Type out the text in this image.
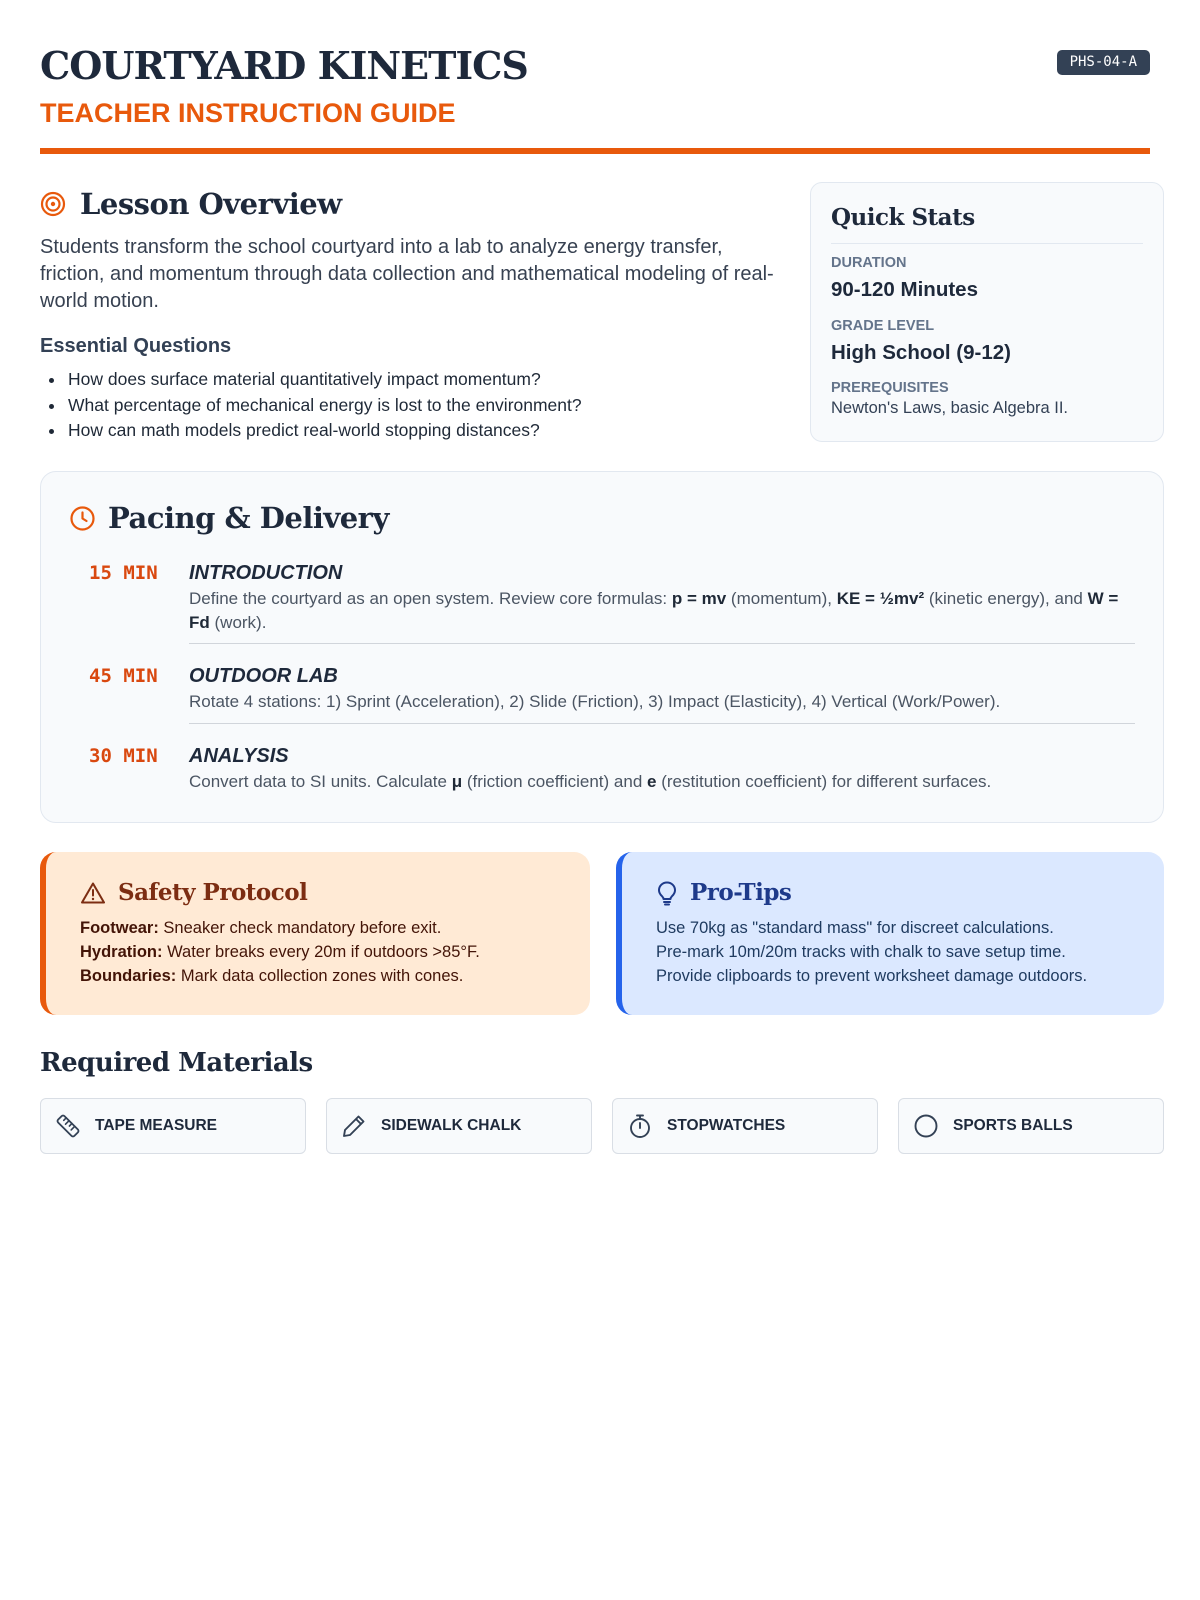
COURTYARD KINETICS
TEACHER INSTRUCTION GUIDE
PHS-04-A
Lesson Overview

Students transform the school courtyard into a lab to analyze energy transfer, friction, and momentum through data collection and mathematical modeling of real-world motion.

Essential Questions
• How does surface material quantitatively impact momentum?
• What percentage of mechanical energy is lost to the environment?
• How can math models predict real-world stopping distances?
Quick Stats
DURATION
90-120 Minutes
GRADE LEVEL
High School (9-12)
PREREQUISITES
Newton's Laws, basic Algebra II.
Pacing & Delivery
15 MIN	INTRODUCTION
Define the courtyard as an open system. Review core formulas: p = mv (momentum), KE = ½mv² (kinetic energy), and W = Fd (work).
45 MIN	OUTDOOR LAB
Rotate 4 stations: 1) Sprint (Acceleration), 2) Slide (Friction), 3) Impact (Elasticity), 4) Vertical (Work/Power).
30 MIN	ANALYSIS
Convert data to SI units. Calculate μ (friction coefficient) and e (restitution coefficient) for different surfaces.
Safety Protocol
Footwear: Sneaker check mandatory before exit.
Hydration: Water breaks every 20m if outdoors >85°F.
Boundaries: Mark data collection zones with cones.
Pro-Tips
Use 70kg as "standard mass" for discreet calculations.
Pre-mark 10m/20m tracks with chalk to save setup time.
Provide clipboards to prevent worksheet damage outdoors.
Required Materials
TAPE MEASURE	SIDEWALK CHALK	STOPWATCHES	SPORTS BALLS
